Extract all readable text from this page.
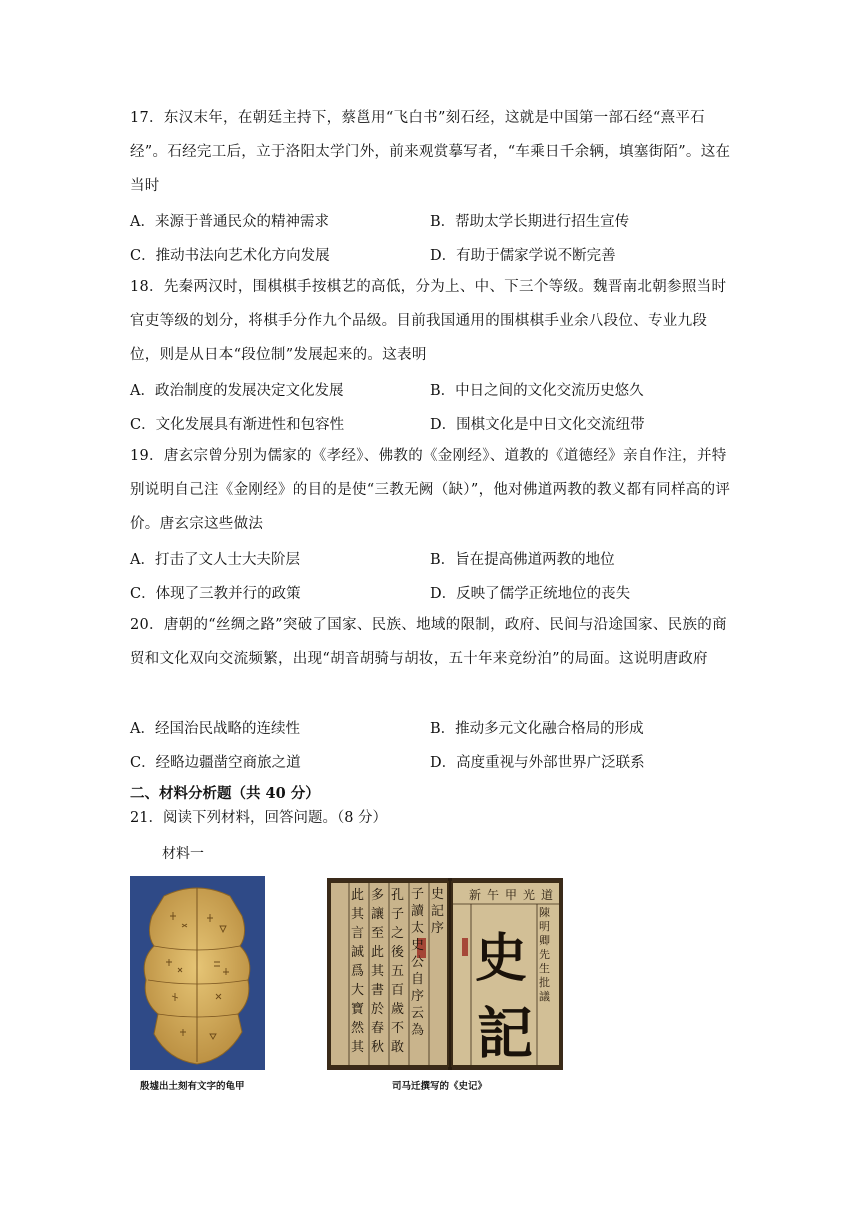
17．东汉末年，在朝廷主持下，蔡邕用“飞白书”刻石经，这就是中国第一部石经“熹平石经”。石经完工后，立于洛阳太学门外，前来观赏摹写者，“车乘日千余辆，填塞街陌”。这在当时
A．来源于普通民众的精神需求	B．帮助太学长期进行招生宣传
C．推动书法向艺术化方向发展	D．有助于儒家学说不断完善
18．先秦两汉时，围棋棋手按棋艺的高低，分为上、中、下三个等级。魏晋南北朝参照当时官吏等级的划分，将棋手分作九个品级。目前我国通用的围棋棋手业余八段位、专业九段位，则是从日本“段位制”发展起来的。这表明
A．政治制度的发展决定文化发展	B．中日之间的文化交流历史悠久
C．文化发展具有渐进性和包容性	D．围棋文化是中日文化交流纽带
19．唐玄宗曾分别为儒家的《孝经》、佛教的《金刚经》、道教的《道德经》亲自作注，并特别说明自己注《金刚经》的目的是使“三教无阙（缺）”，他对佛道两教的教义都有同样高的评价。唐玄宗这些做法
A．打击了文人士大夫阶层	B．旨在提高佛道两教的地位
C．体现了三教并行的政策	D．反映了儒学正统地位的丧失
20．唐朝的“丝绸之路”突破了国家、民族、地域的限制，政府、民间与沿途国家、民族的商贸和文化双向交流频繁，出现“胡音胡骑与胡妆，五十年来竞纷泊”的局面。这说明唐政府
A．经国治民战略的连续性	B．推动多元文化融合格局的形成
C．经略边疆凿空商旅之道	D．高度重视与外部世界广泛联系
二、材料分析题（共 40 分）
21．阅读下列材料，回答问题。（8 分）
材料一
殷墟出土刻有文字的龟甲
道光甲午新
史
記
陳明卿先生批議
史記序
子讀太史公自序云為
孔子之後五百歲不敢
多讓至此其書於春秋
此其言誠爲大寶然其
司马迁撰写的《史记》
